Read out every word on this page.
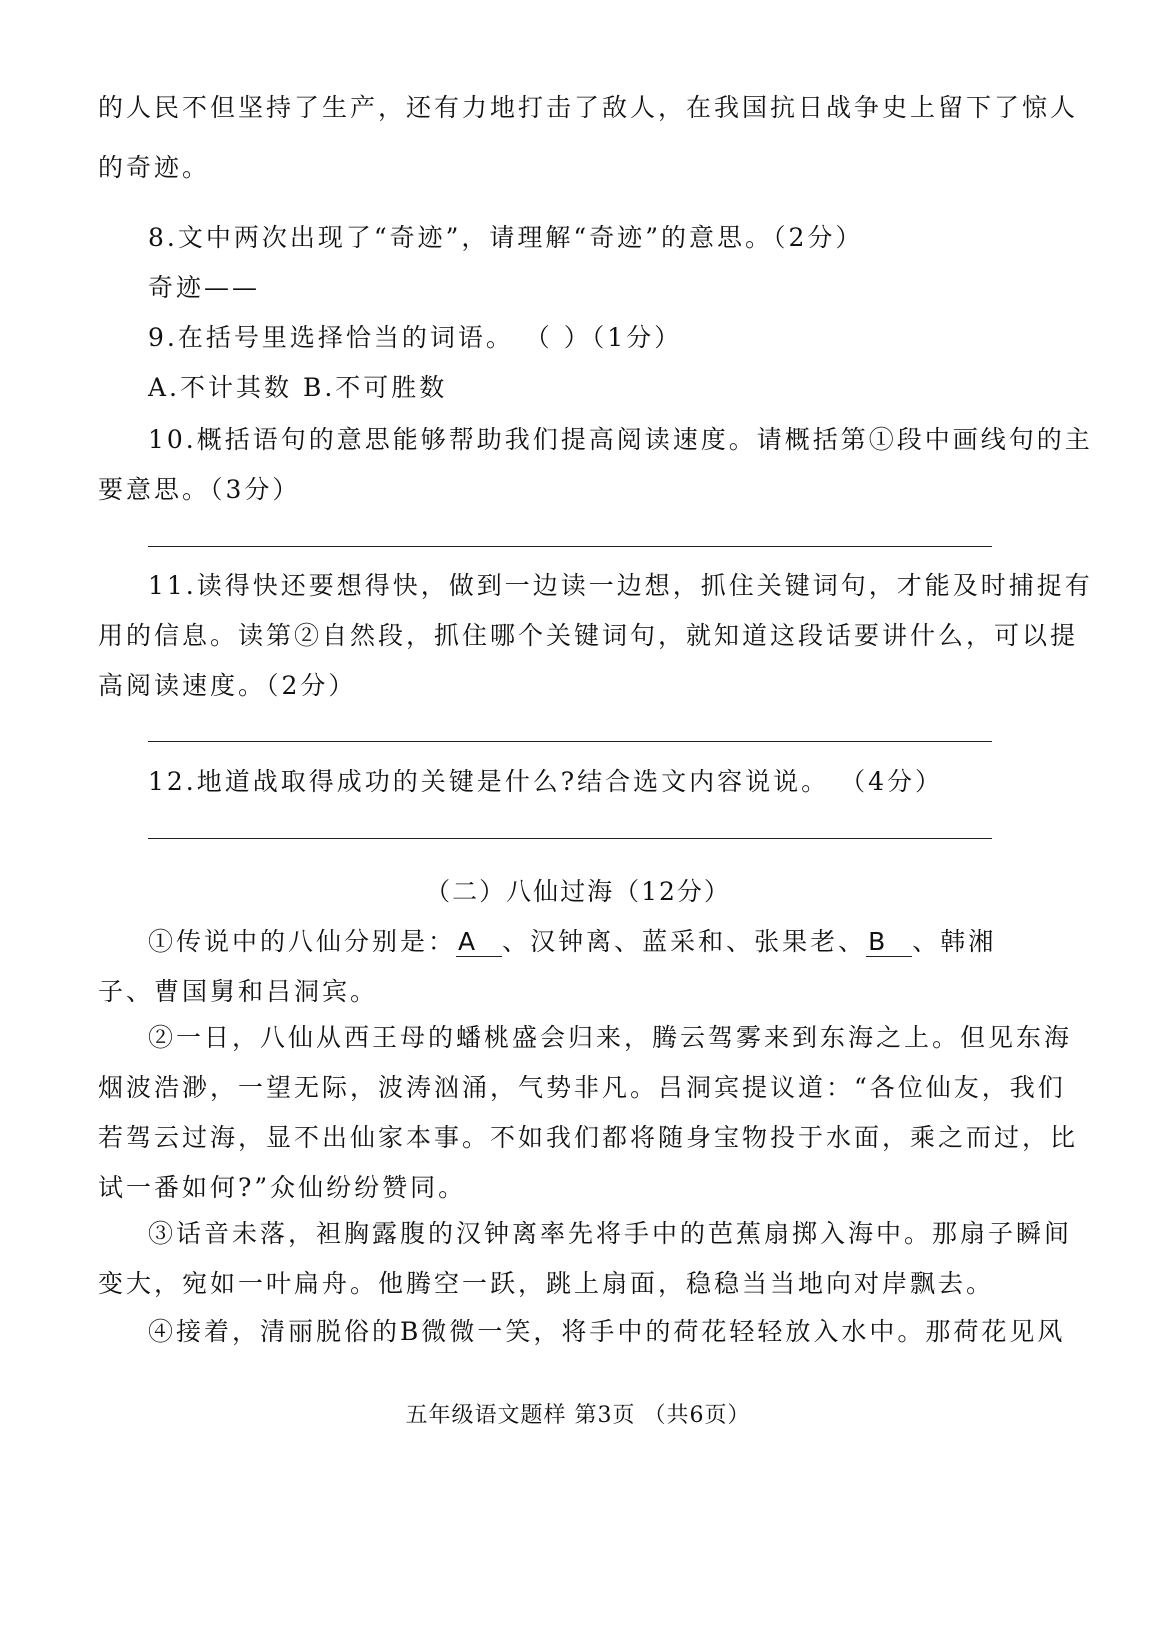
的人民不但坚持了生产，还有力地打击了敌人，在我国抗日战争史上留下了惊人
的奇迹。
8.文中两次出现了“奇迹”，请理解“奇迹”的意思。（2分）
奇迹——
9.在括号里选择恰当的词语。 （ ）（1分）
A.不计其数 B.不可胜数
10.概括语句的意思能够帮助我们提高阅读速度。请概括第①段中画线句的主
要意思。（3分）
11.读得快还要想得快，做到一边读一边想，抓住关键词句，才能及时捕捉有
用的信息。读第②自然段，抓住哪个关键词句，就知道这段话要讲什么，可以提
高阅读速度。（2分）
12.地道战取得成功的关键是什么?结合选文内容说说。 （4分）
（二）八仙过海（12分）
①传说中的八仙分别是：A 、汉钟离、蓝采和、张果老、B 、韩湘
子、曹国舅和吕洞宾。
②一日，八仙从西王母的蟠桃盛会归来，腾云驾雾来到东海之上。但见东海
烟波浩渺，一望无际，波涛汹涌，气势非凡。吕洞宾提议道：“各位仙友，我们
若驾云过海，显不出仙家本事。不如我们都将随身宝物投于水面，乘之而过，比
试一番如何?”众仙纷纷赞同。
③话音未落，袒胸露腹的汉钟离率先将手中的芭蕉扇掷入海中。那扇子瞬间
变大，宛如一叶扁舟。他腾空一跃，跳上扇面，稳稳当当地向对岸飘去。
④接着，清丽脱俗的B微微一笑，将手中的荷花轻轻放入水中。那荷花见风
五年级语文题样 第3页 （共6页）
